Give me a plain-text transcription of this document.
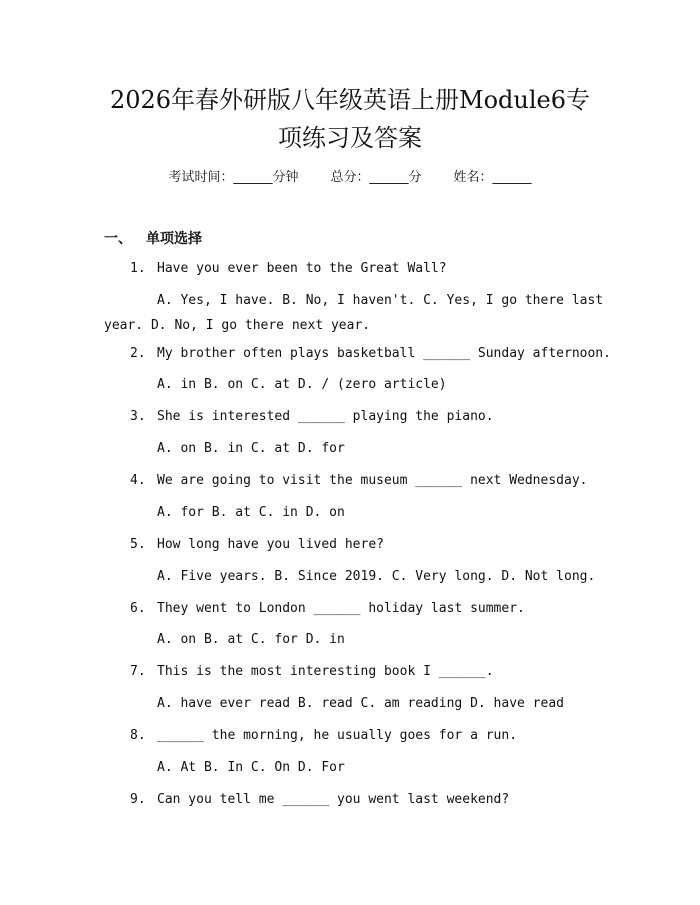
2026年春外研版八年级英语上册Module6专
项练习及答案
考试时间：______分钟 总分：______分 姓名：______
一、 单项选择
1. Have you ever been to the Great Wall?
A. Yes, I have. B. No, I haven't. C. Yes, I go there last year. D. No, I go there next year.
2. My brother often plays basketball ______ Sunday afternoon.
A. in B. on C. at D. / (zero article)
3. She is interested ______ playing the piano.
A. on B. in C. at D. for
4. We are going to visit the museum ______ next Wednesday.
A. for B. at C. in D. on
5. How long have you lived here?
A. Five years. B. Since 2019. C. Very long. D. Not long.
6. They went to London ______ holiday last summer.
A. on B. at C. for D. in
7. This is the most interesting book I ______.
A. have ever read B. read C. am reading D. have read
8. ______ the morning, he usually goes for a run.
A. At B. In C. On D. For
9. Can you tell me ______ you went last weekend?
